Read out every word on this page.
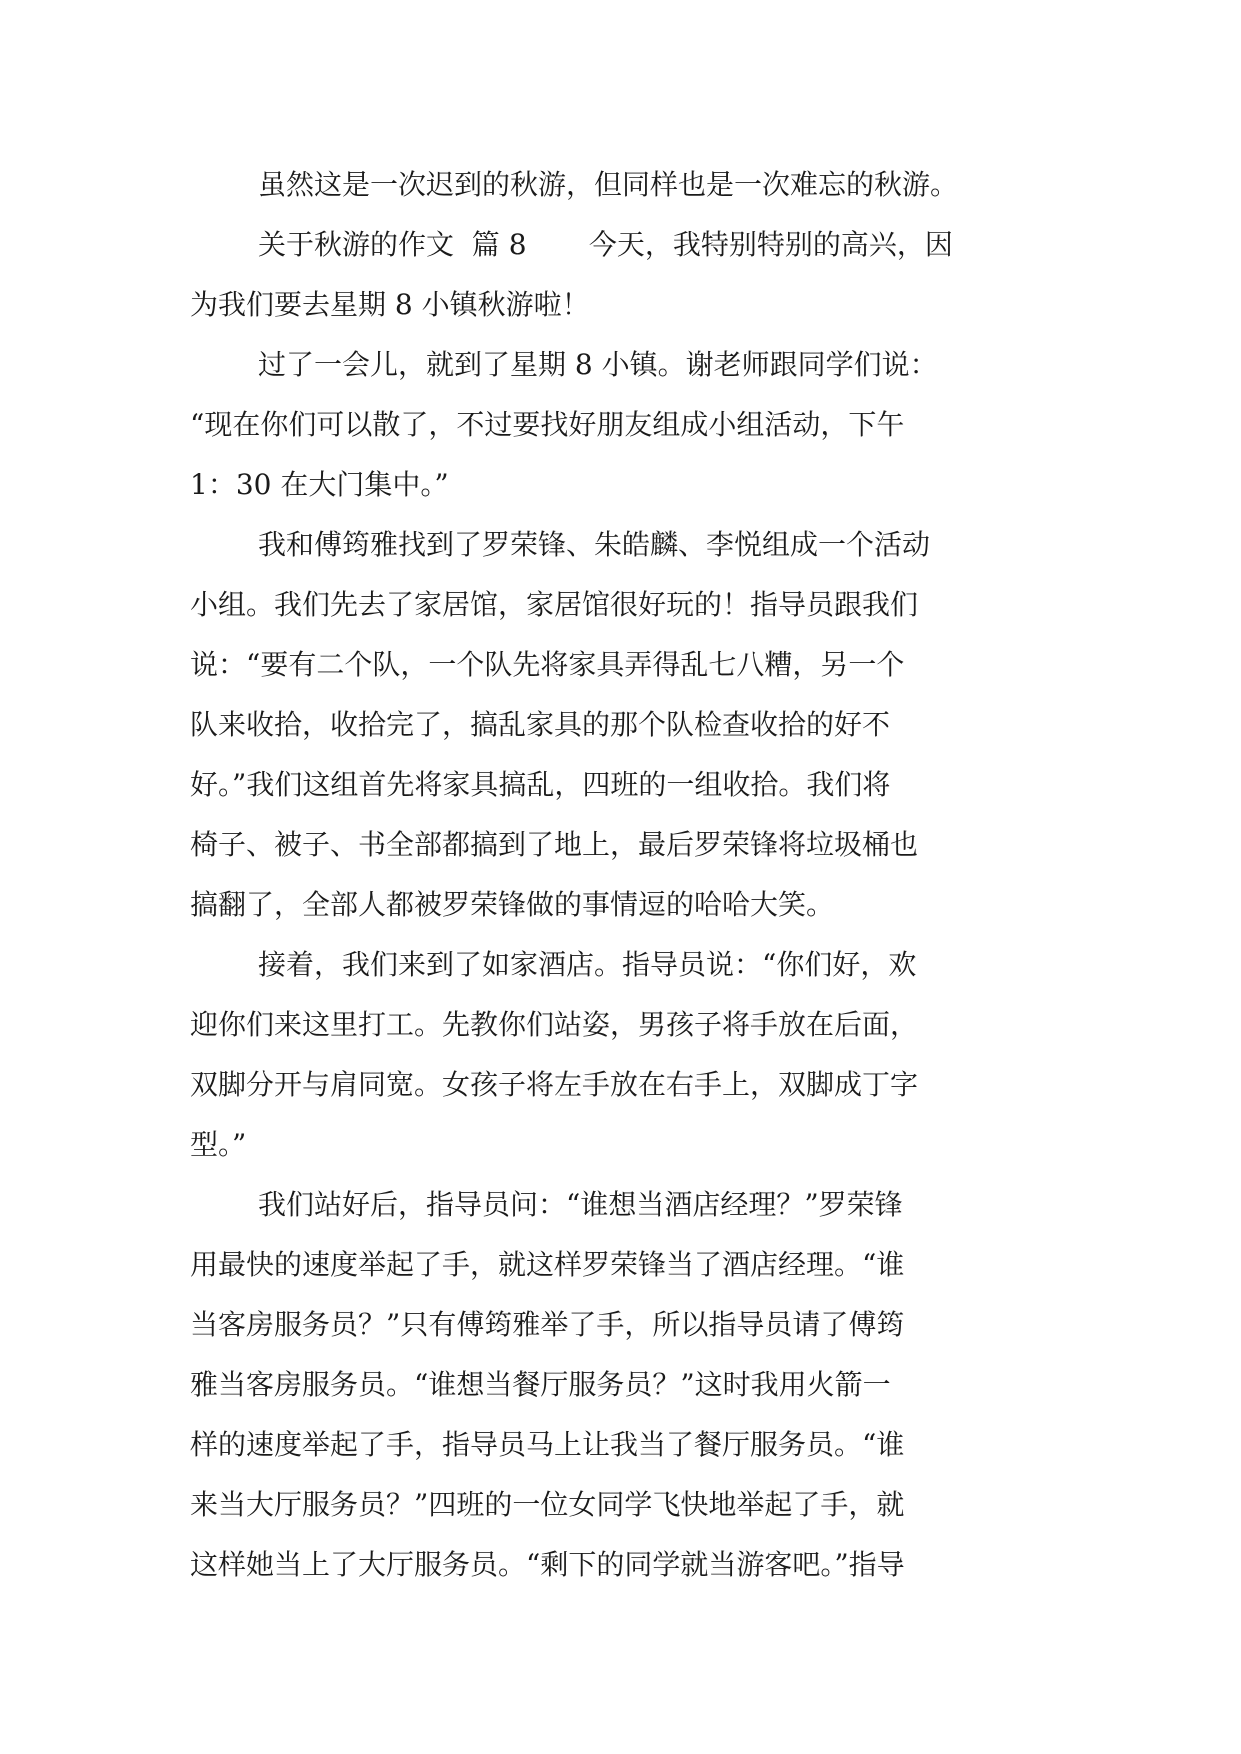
虽然这是一次迟到的秋游，但同样也是一次难忘的秋游。
关于秋游的作文  篇 8       今天，我特别特别的高兴，因
为我们要去星期 8 小镇秋游啦！
过了一会儿，就到了星期 8 小镇。谢老师跟同学们说：
“现在你们可以散了，不过要找好朋友组成小组活动，下午
1：30 在大门集中。”
我和傅筠雅找到了罗荣锋、朱皓麟、李悦组成一个活动
小组。我们先去了家居馆，家居馆很好玩的！指导员跟我们
说：“要有二个队，一个队先将家具弄得乱七八糟，另一个
队来收拾，收拾完了，搞乱家具的那个队检查收拾的好不
好。”我们这组首先将家具搞乱，四班的一组收拾。我们将
椅子、被子、书全部都搞到了地上，最后罗荣锋将垃圾桶也
搞翻了，全部人都被罗荣锋做的事情逗的哈哈大笑。
接着，我们来到了如家酒店。指导员说：“你们好，欢
迎你们来这里打工。先教你们站姿，男孩子将手放在后面，
双脚分开与肩同宽。女孩子将左手放在右手上，双脚成丁字
型。”
我们站好后，指导员问：“谁想当酒店经理？”罗荣锋
用最快的速度举起了手，就这样罗荣锋当了酒店经理。“谁
当客房服务员？”只有傅筠雅举了手，所以指导员请了傅筠
雅当客房服务员。“谁想当餐厅服务员？”这时我用火箭一
样的速度举起了手，指导员马上让我当了餐厅服务员。“谁
来当大厅服务员？”四班的一位女同学飞快地举起了手，就
这样她当上了大厅服务员。“剩下的同学就当游客吧。”指导
